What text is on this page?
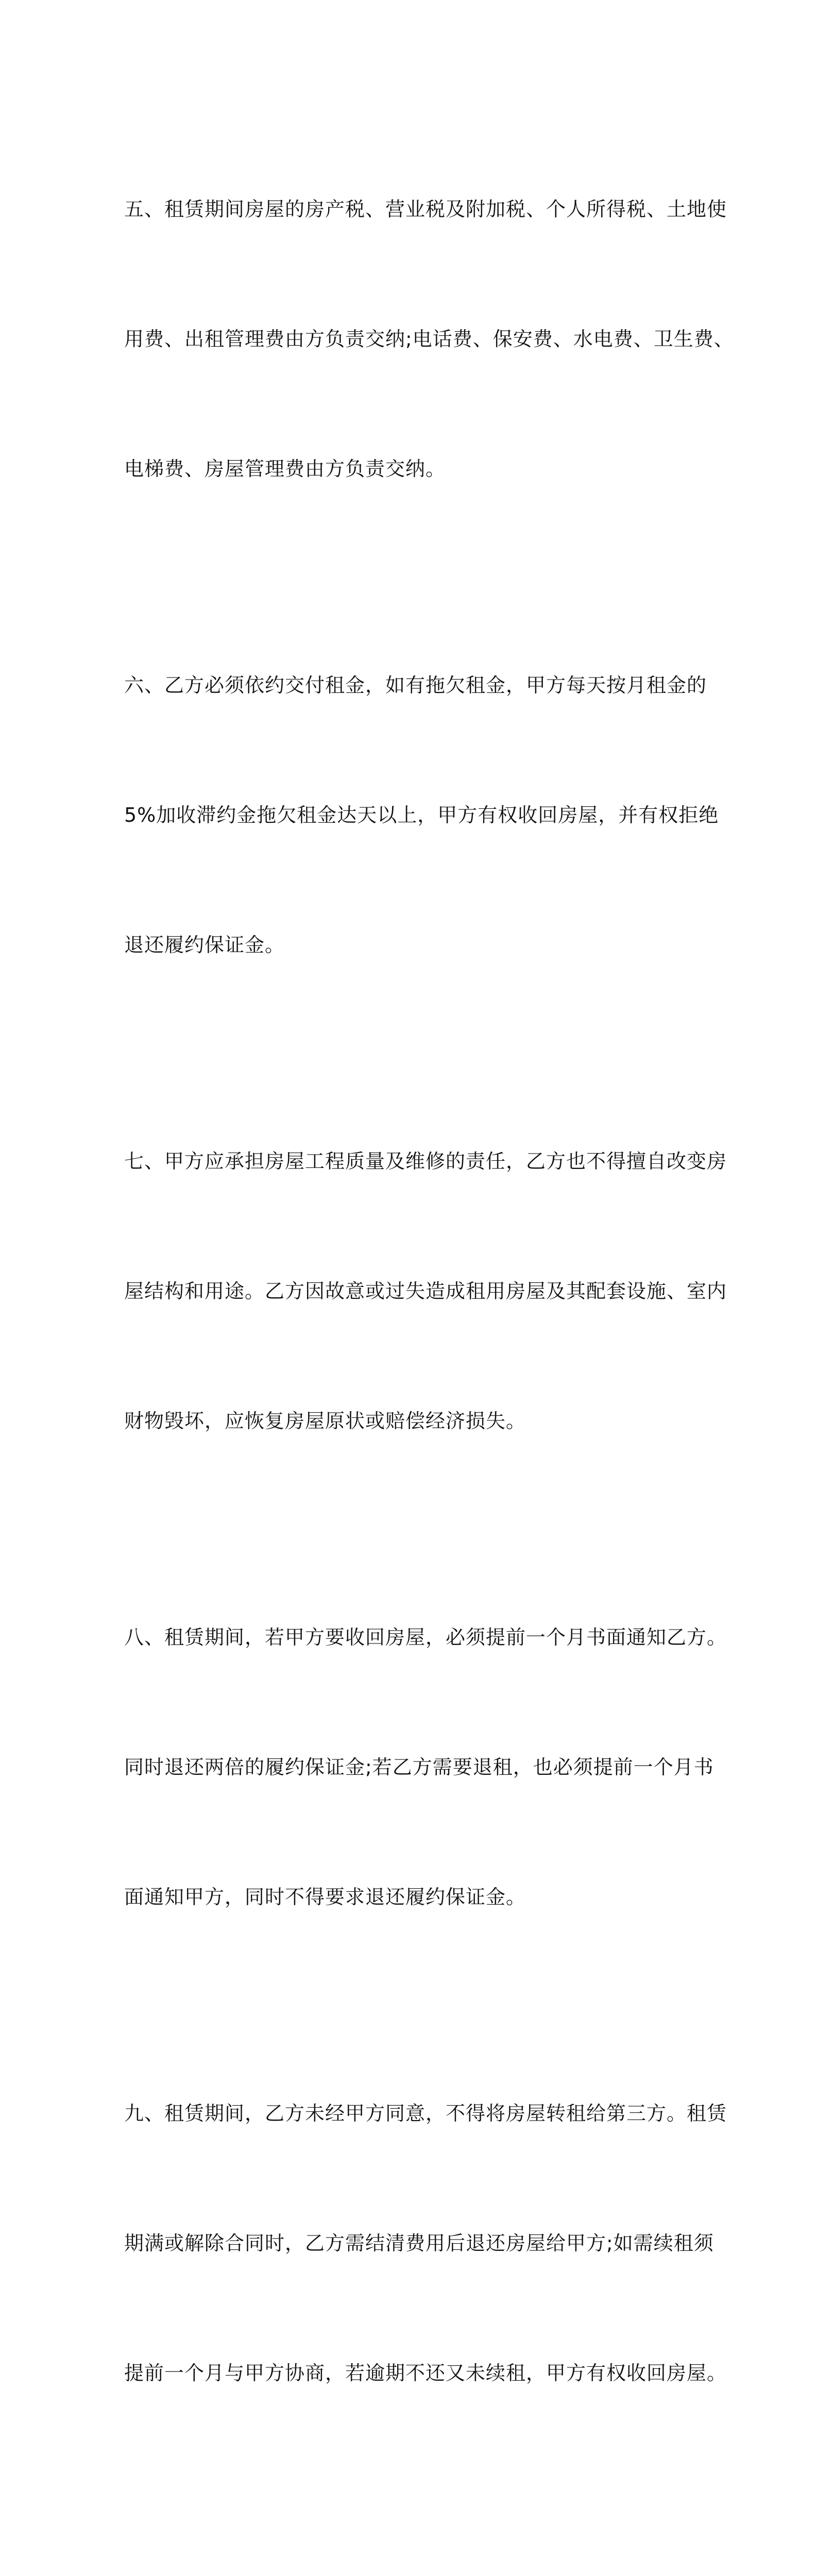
五、租赁期间房屋的房产税、营业税及附加税、个人所得税、土地使

用费、出租管理费由方负责交纳;电话费、保安费、水电费、卫生费、

电梯费、房屋管理费由方负责交纳。

六、乙方必须依约交付租金，如有拖欠租金，甲方每天按月租金的

5%加收滞约金拖欠租金达天以上，甲方有权收回房屋，并有权拒绝

退还履约保证金。

七、甲方应承担房屋工程质量及维修的责任，乙方也不得擅自改变房

屋结构和用途。乙方因故意或过失造成租用房屋及其配套设施、室内

财物毁坏，应恢复房屋原状或赔偿经济损失。

八、租赁期间，若甲方要收回房屋，必须提前一个月书面通知乙方。

同时退还两倍的履约保证金;若乙方需要退租，也必须提前一个月书

面通知甲方，同时不得要求退还履约保证金。

九、租赁期间，乙方未经甲方同意，不得将房屋转租给第三方。租赁

期满或解除合同时，乙方需结清费用后退还房屋给甲方;如需续租须

提前一个月与甲方协商，若逾期不还又未续租，甲方有权收回房屋。
